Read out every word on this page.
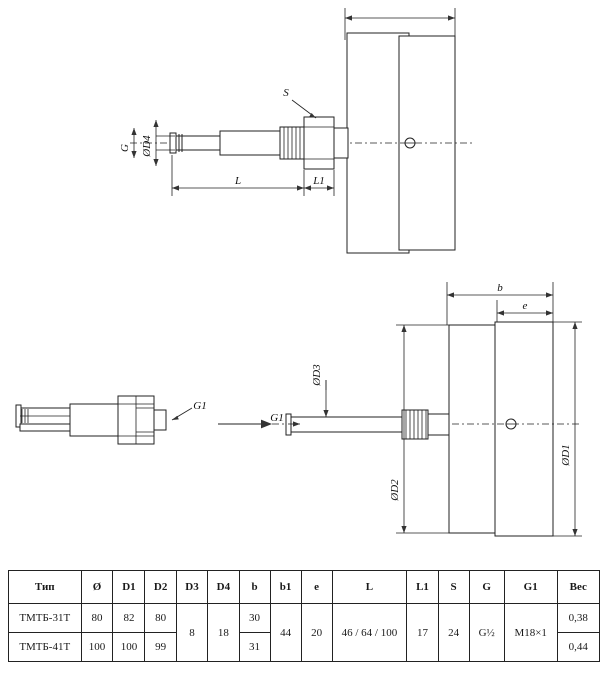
S
G ØD4
L	L1
G1
b
e
G1
ØD3
ØD2
ØD1
Тип	Ø	D1	D2	D3	D4	b	b1	e	L	L1	S	G	G1	Вес
ТМТБ-31Т	80	82	80	8	18	30	44	20	46 / 64 / 100	17	24	G½	M18×1	0,38
ТМТБ-41Т	100	100	99			31								0,44
